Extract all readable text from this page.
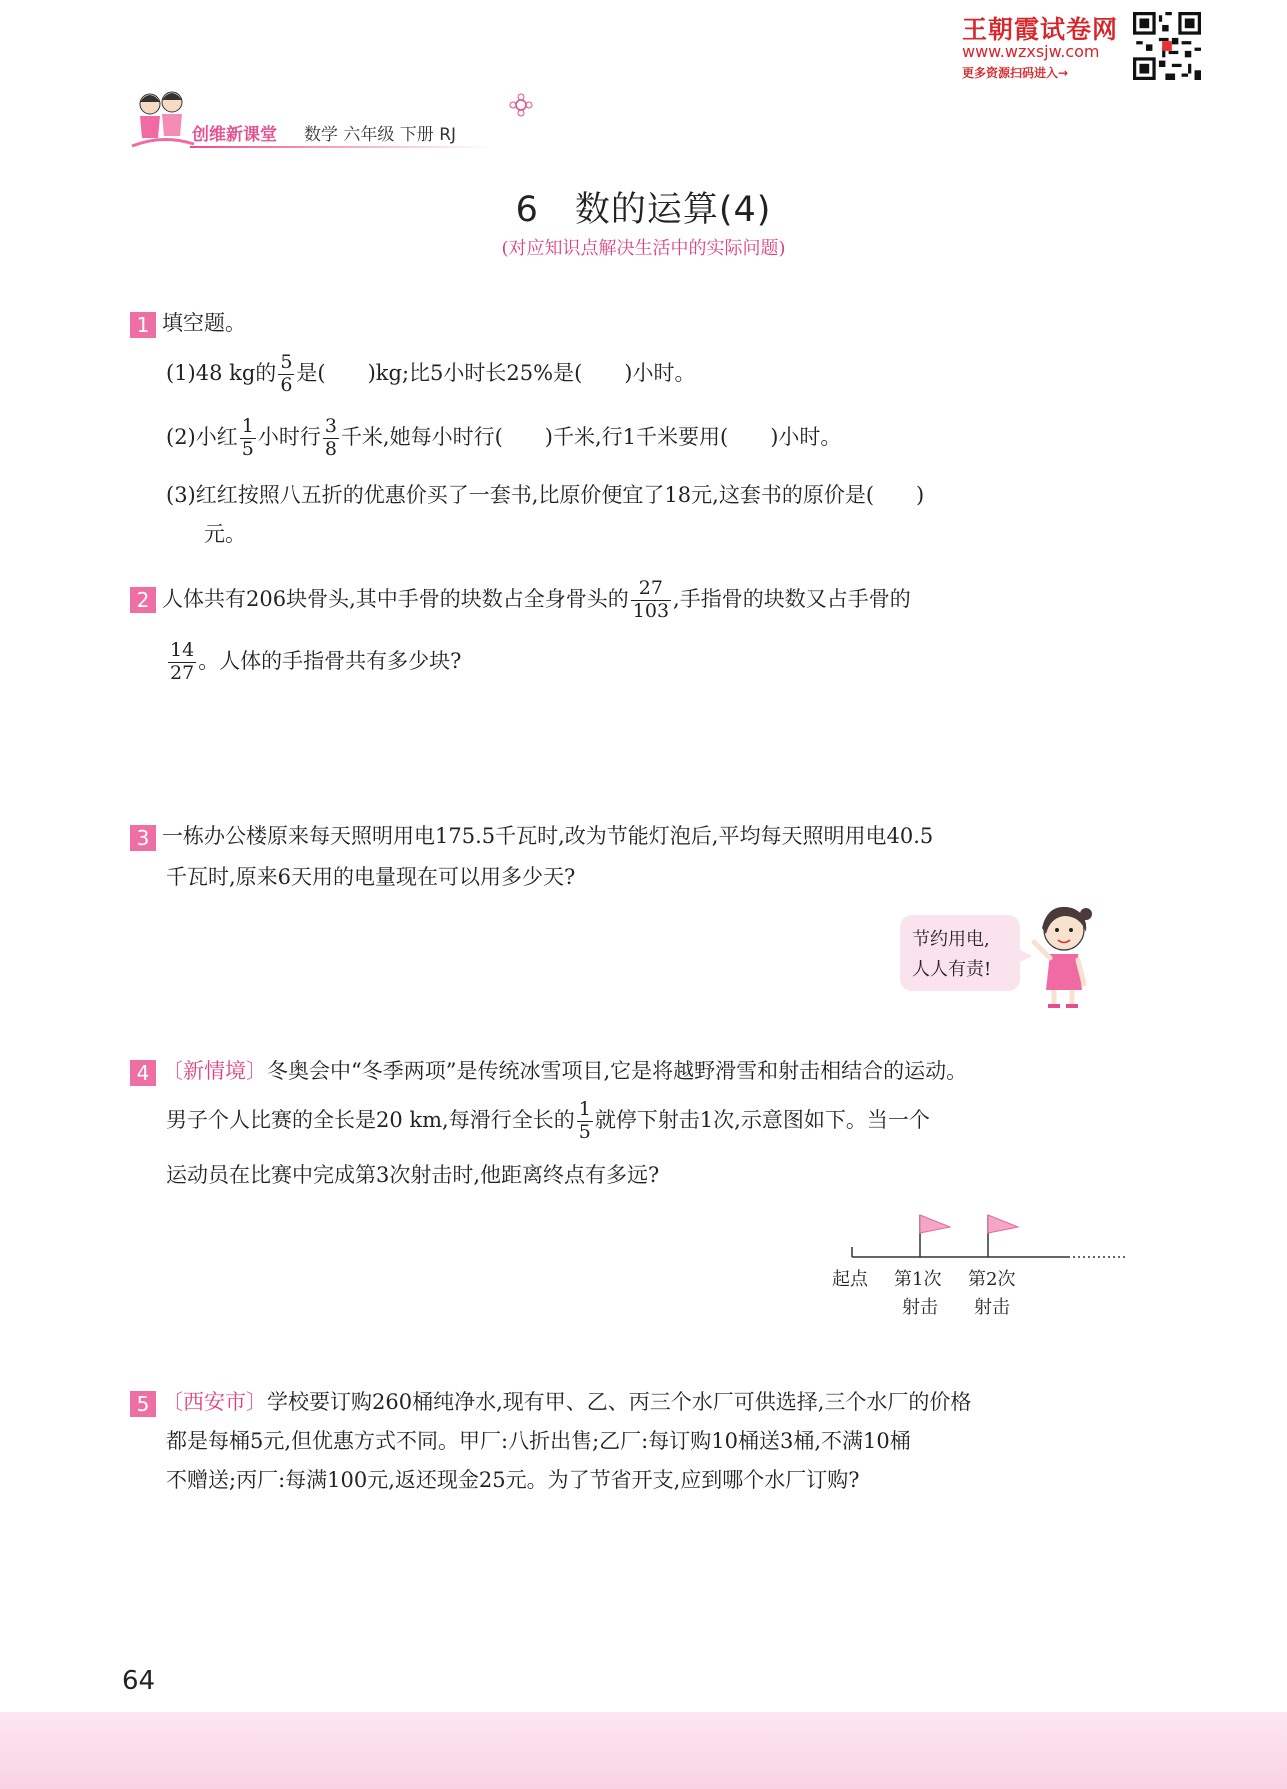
王朝霞试卷网
www.wzxsjw.com
更多资源扫码进入→
创维新课堂 数学 六年级 下册 RJ
6　数的运算(4)
(对应知识点解决生活中的实际问题)
1 填空题。
(1)48 kg的 $\frac{5}{6}$ 是(　　)kg;比5小时长25%是(　　)小时。
(2)小红 $\frac{1}{5}$ 小时行 $\frac{3}{8}$ 千米,她每小时行(　　)千米,行1千米要用(　　)小时。
(3)红红按照八五折的优惠价买了一套书,比原价便宜了18元,这套书的原价是(　　)
元。
2 人体共有206块骨头,其中手骨的块数占全身骨头的 $\frac{27}{103}$ ,手指骨的块数又占手骨的
$\frac{14}{27}$ 。人体的手指骨共有多少块?
3 一栋办公楼原来每天照明用电175.5千瓦时,改为节能灯泡后,平均每天照明用电40.5
千瓦时,原来6天用的电量现在可以用多少天?
节约用电,
人人有责!
4 〔新情境〕冬奥会中“冬季两项”是传统冰雪项目,它是将越野滑雪和射击相结合的运动。
男子个人比赛的全长是20 km,每滑行全长的 $\frac{1}{5}$ 就停下射击1次,示意图如下。当一个
运动员在比赛中完成第3次射击时,他距离终点有多远?
起点 第1次 第2次
射击 射击
5 〔西安市〕学校要订购260桶纯净水,现有甲、乙、丙三个水厂可供选择,三个水厂的价格
都是每桶5元,但优惠方式不同。甲厂:八折出售;乙厂:每订购10桶送3桶,不满10桶
不赠送;丙厂:每满100元,返还现金25元。为了节省开支,应到哪个水厂订购?
64
